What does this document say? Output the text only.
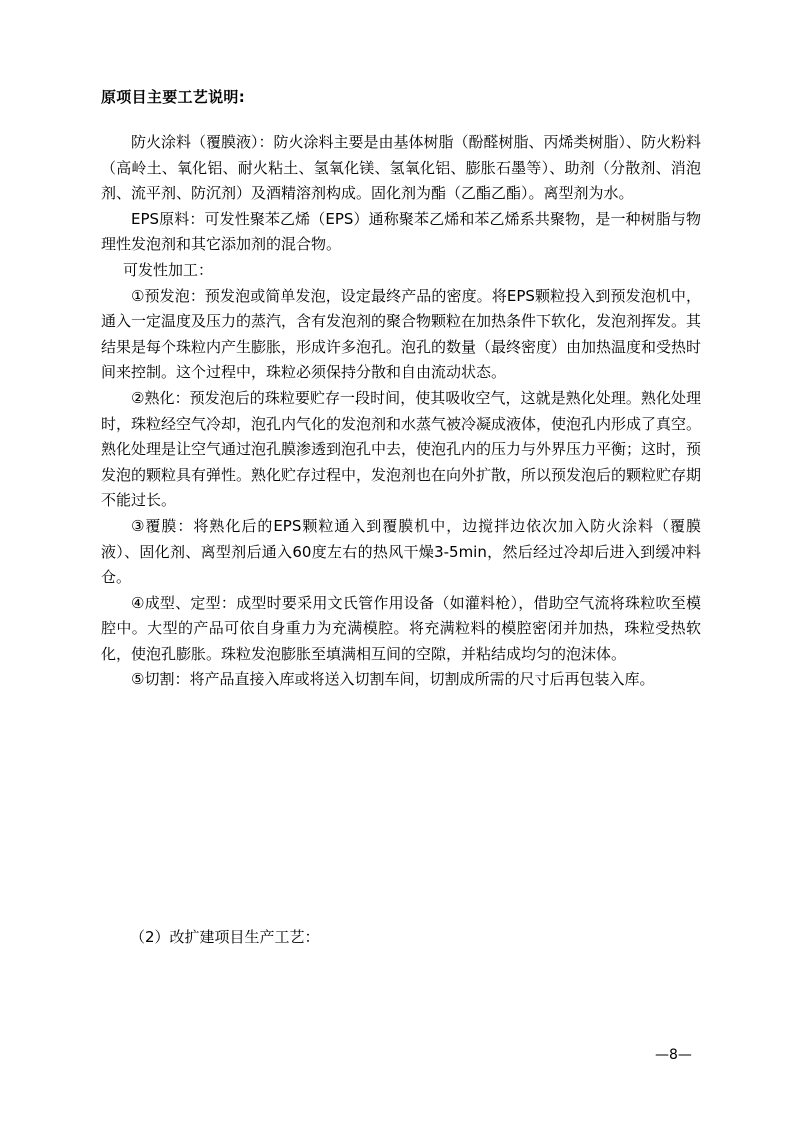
原项目主要工艺说明:

防火涂料（覆膜液）：防火涂料主要是由基体树脂（酚醛树脂、丙烯类树脂）、防火粉料（高岭土、氧化铝、耐火粘土、氢氧化镁、氢氧化铝、膨胀石墨等）、助剂（分散剂、消泡剂、流平剂、防沉剂）及酒精溶剂构成。固化剂为酯（乙酯乙酯）。离型剂为水。

EPS原料：可发性聚苯乙烯（EPS）通称聚苯乙烯和苯乙烯系共聚物，是一种树脂与物理性发泡剂和其它添加剂的混合物。

可发性加工：

①预发泡：预发泡或简单发泡，设定最终产品的密度。将EPS颗粒投入到预发泡机中，通入一定温度及压力的蒸汽，含有发泡剂的聚合物颗粒在加热条件下软化，发泡剂挥发。其结果是每个珠粒内产生膨胀，形成许多泡孔。泡孔的数量（最终密度）由加热温度和受热时间来控制。这个过程中，珠粒必须保持分散和自由流动状态。

②熟化：预发泡后的珠粒要贮存一段时间，使其吸收空气，这就是熟化处理。熟化处理时，珠粒经空气冷却，泡孔内气化的发泡剂和水蒸气被冷凝成液体，使泡孔内形成了真空。熟化处理是让空气通过泡孔膜渗透到泡孔中去，使泡孔内的压力与外界压力平衡；这时，预发泡的颗粒具有弹性。熟化贮存过程中，发泡剂也在向外扩散，所以预发泡后的颗粒贮存期不能过长。

③覆膜：将熟化后的EPS颗粒通入到覆膜机中，边搅拌边依次加入防火涂料（覆膜液）、固化剂、离型剂后通入60度左右的热风干燥3-5min，然后经过冷却后进入到缓冲料仓。

④成型、定型：成型时要采用文氏管作用设备（如灌料枪），借助空气流将珠粒吹至模腔中。大型的产品可依自身重力为充满模腔。将充满粒料的模腔密闭并加热，珠粒受热软化，使泡孔膨胀。珠粒发泡膨胀至填满相互间的空隙，并粘结成均匀的泡沫体。

⑤切割：将产品直接入库或将送入切割车间，切割成所需的尺寸后再包装入库。

（2）改扩建项目生产工艺：
—8—
